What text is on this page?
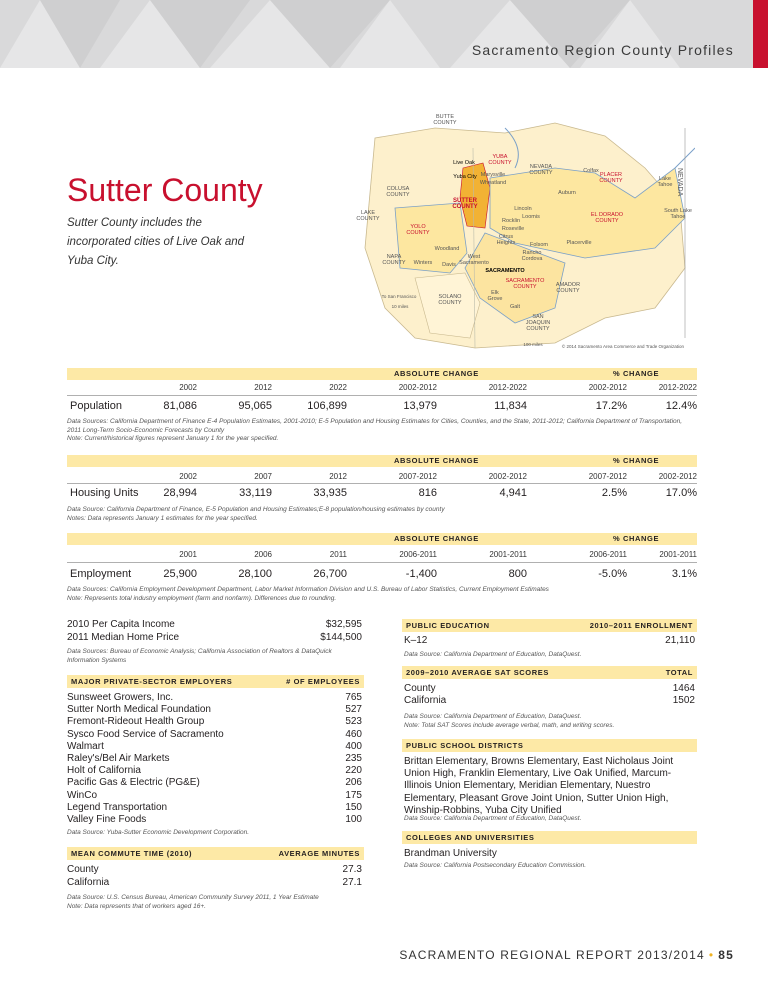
Sacramento Region County Profiles
Sutter County
Sutter County includes the incorporated cities of Live Oak and Yuba City.
BUTTE COUNTY
COLUSA COUNTY
LAKE COUNTY
YOLO COUNTY
NAPA COUNTY
SOLANO COUNTY
YUBA COUNTY
NEVADA COUNTY	PLACER COUNTY
EL DORADO COUNTY
AMADOR COUNTY
SACRAMENTO COUNTY
SAN JOAQUIN COUNTY
SUTTER COUNTY
NEVADA
Live Oak
Yuba City Marysville
Wheatland
Auburn
Lincoln
Loomis
Rocklin
Roseville
Citrus Heights	Folsom
Rancho Cordova
Placerville
Woodland
West Sacramento
Davis
Winters
SACRAMENTO
Elk Grove
Galt
Colfax
Lake Tahoe
South Lake Tahoe
© 2014 Sacramento Area Commerce and Trade Organization
To San Francisco
10 miles
100 miles
ABSOLUTE CHANGE	% CHANGE
2002	2012	2022	2002-2012	2012-2022	2002-2012	2012-2022
Population	81,086	95,065	106,899	13,979	11,834	17.2%	12.4%
Data Sources: California Department of Finance E-4 Population Estimates, 2001-2010; E-5 Population and Housing Estimates for Cities, Counties, and the State, 2011-2012; California Department of Transportation, 2011 Long-Term Socio-Economic Forecasts by County
Note: Current/historical figures represent January 1 for the year specified.
ABSOLUTE CHANGE	% CHANGE
2002	2007	2012	2007-2012	2002-2012	2007-2012	2002-2012
Housing Units	28,994	33,119	33,935	816	4,941	2.5%	17.0%
Data Source: California Department of Finance, E-5 Population and Housing Estimates;E-8 population/housing estimates by county
Notes: Data represents January 1 estimates for the year specified.
ABSOLUTE CHANGE	% CHANGE
2001	2006	2011	2006-2011	2001-2011	2006-2011	2001-2011
Employment	25,900	28,100	26,700	-1,400	800	-5.0%	3.1%
Data Sources: California Employment Development Department, Labor Market Information Division and U.S. Bureau of Labor Statistics, Current Employment Estimates
Note: Represents total industry employment (farm and nonfarm). Differences due to rounding.
2010 Per Capita Income	$32,595
2011 Median Home Price	$144,500
Data Sources: Bureau of Economic Analysis; California Association of Realtors & DataQuick Information Systems
MAJOR PRIVATE-SECTOR EMPLOYERS	# OF EMPLOYEES
Sunsweet Growers, Inc.	765
Sutter North Medical Foundation	527
Fremont-Rideout Health Group	523
Sysco Food Service of Sacramento	460
Walmart	400
Raley's/Bel Air Markets	235
Holt of California	220
Pacific Gas & Electric (PG&E)	206
WinCo	175
Legend Transportation	150
Valley Fine Foods	100
Data Source: Yuba-Sutter Economic Development Corporation.
MEAN COMMUTE TIME (2010)	AVERAGE MINUTES
County	27.3
California	27.1
Data Source: U.S. Census Bureau, American Community Survey 2011, 1 Year Estimate
Note: Data represents that of workers aged 16+.
PUBLIC EDUCATION	2010–2011 ENROLLMENT
K–12	21,110
Data Source: California Department of Education, DataQuest.
2009–2010 AVERAGE SAT SCORES	TOTAL
County	1464
California	1502
Data Source: California Department of Education, DataQuest.
Note: Total SAT Scores include average verbal, math, and writing scores.
PUBLIC SCHOOL DISTRICTS
Brittan Elementary, Browns Elementary, East Nicholaus Joint Union High, Franklin Elementary, Live Oak Unified, Marcum-Illinois Union Elementary, Meridian Elementary, Nuestro Elementary, Pleasant Grove Joint Union, Sutter Union High, Winship-Robbins, Yuba City Unified
Data Source: California Department of Education, DataQuest.
COLLEGES AND UNIVERSITIES
Brandman University
Data Source: California Postsecondary Education Commission.
SACRAMENTO REGIONAL REPORT 2013/2014 • 85
